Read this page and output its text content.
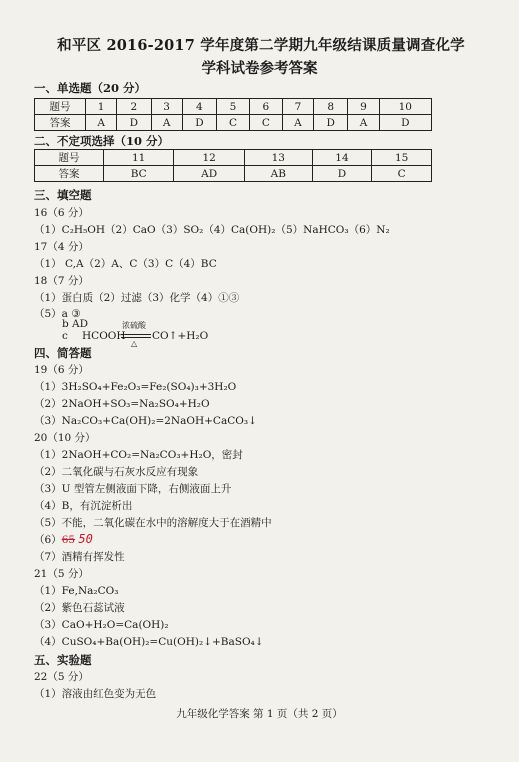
和平区 2016-2017 学年度第二学期九年级结课质量调查化学
学科试卷参考答案
一、单选题（20 分）
题号	1	2	3	4	5	6	7	8	9	10
答案	A	D	A	D	C	C	A	D	A	D
二、不定项选择（10 分）
题号	11	12	13	14	15
答案	BC	AD	AB	D	C
三、填空题
16（6 分）
（1）C₂H₅OH（2）CaO（3）SO₂（4）Ca(OH)₂（5）NaHCO₃（6）N₂
17（4 分）
（1） C,A（2）A、C（3）C（4）BC
18（7 分）
（1）蛋白质（2）过滤（3）化学（4）①③
（5）a ③
b AD
c HCOOH
浓硫酸
△
CO↑+H₂O
四、简答题
19（6 分）
（1）3H₂SO₄+Fe₂O₃=Fe₂(SO₄)₃+3H₂O
（2）2NaOH+SO₃=Na₂SO₄+H₂O
（3）Na₂CO₃+Ca(OH)₂=2NaOH+CaCO₃↓
20（10 分）
（1）2NaOH+CO₂=Na₂CO₃+H₂O，密封
（2）二氧化碳与石灰水反应有现象
（3）U 型管左侧液面下降，右侧液面上升
（4）B，有沉淀析出
（5）不能，二氧化碳在水中的溶解度大于在酒精中
（6）65 50
（7）酒精有挥发性
21（5 分）
（1）Fe,Na₂CO₃
（2）紫色石蕊试液
（3）CaO+H₂O=Ca(OH)₂
（4）CuSO₄+Ba(OH)₂=Cu(OH)₂↓+BaSO₄↓
五、实验题
22（5 分）
（1）溶液由红色变为无色
九年级化学答案 第 1 页（共 2 页）
